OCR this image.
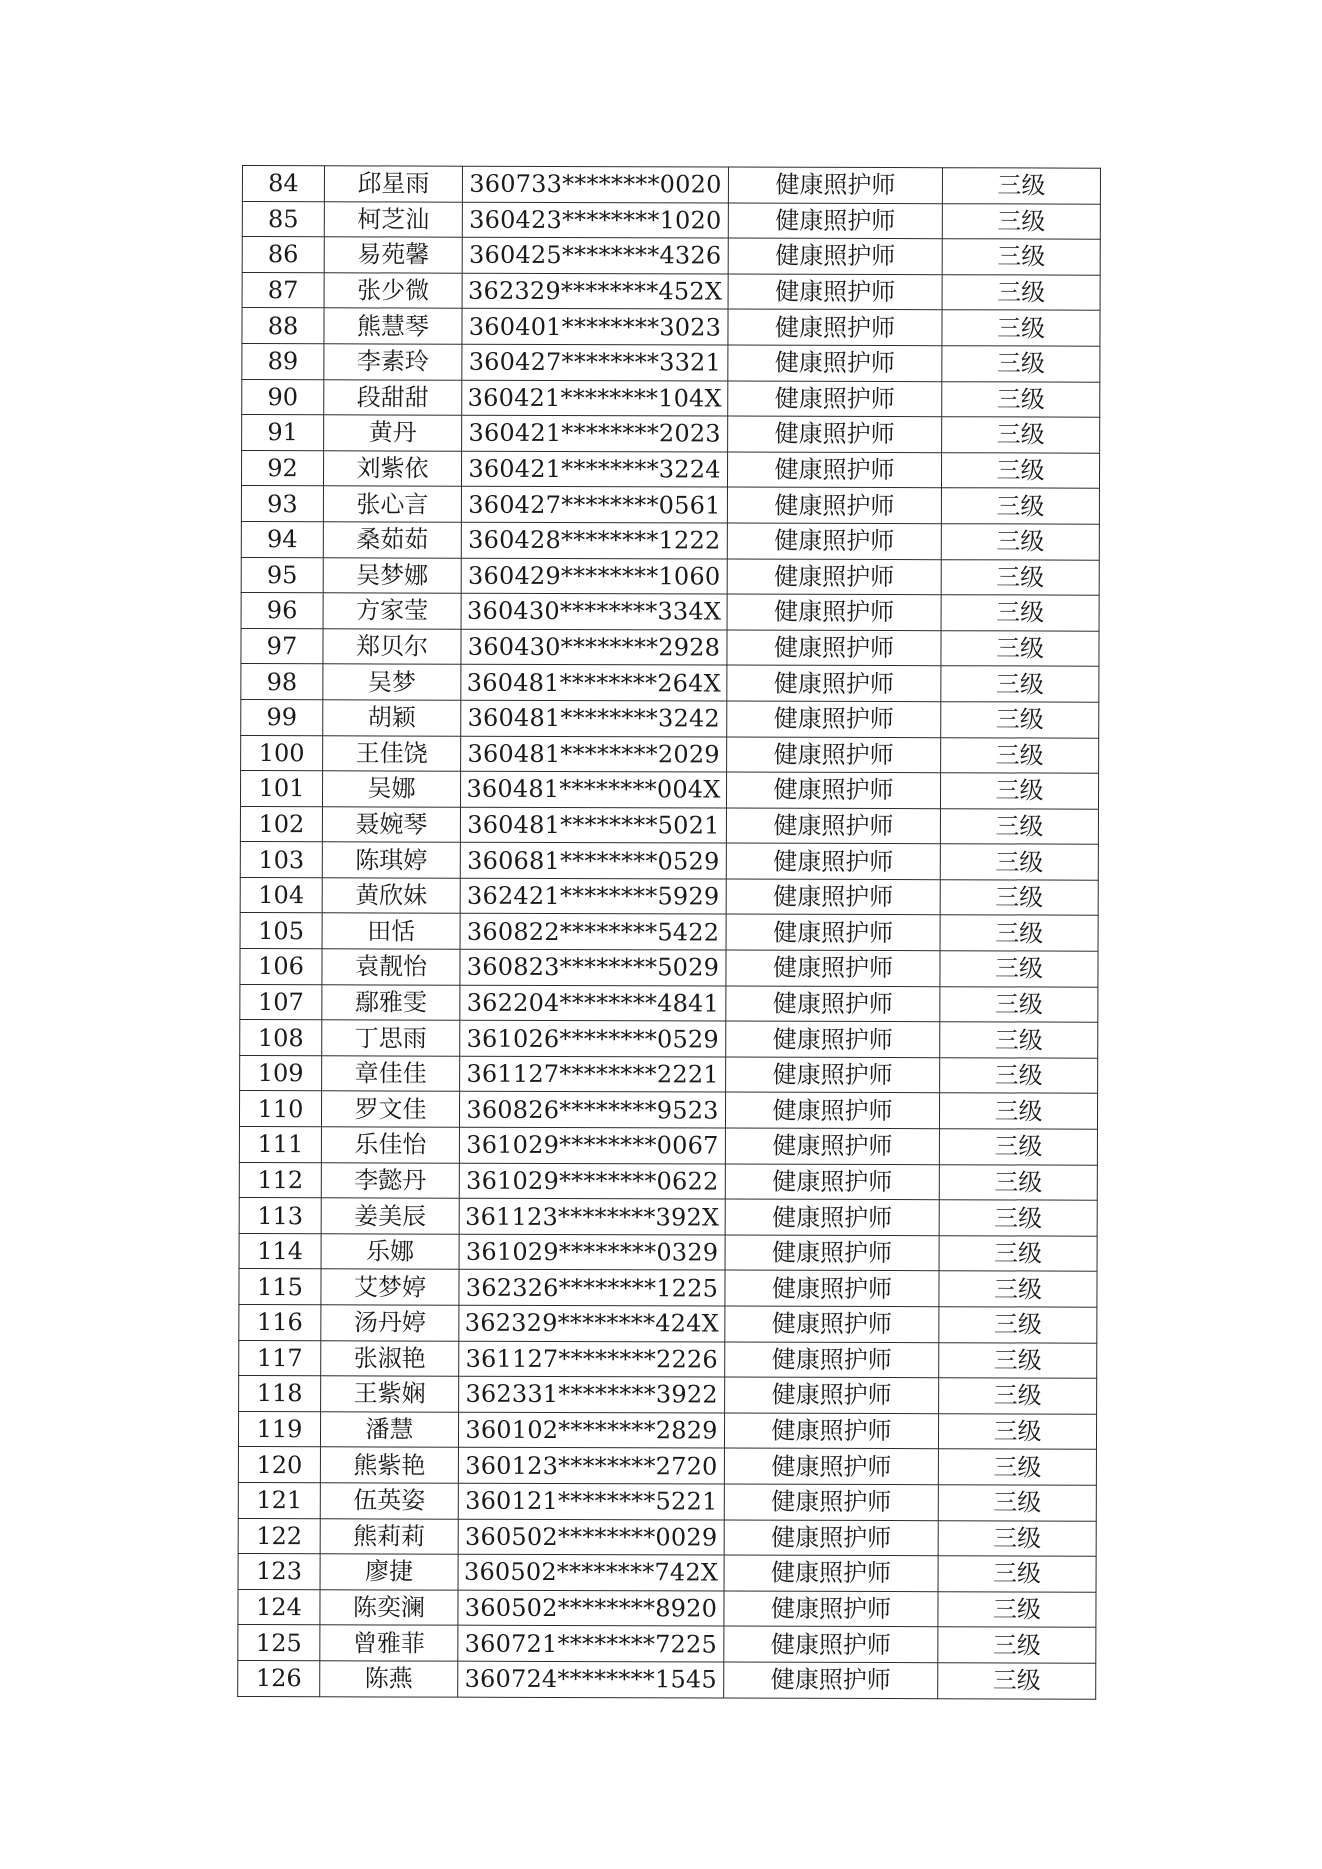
84	邱星雨	360733********0020	健康照护师	三级
85	柯芝汕	360423********1020	健康照护师	三级
86	易苑馨	360425********4326	健康照护师	三级
87	张少微	362329********452X	健康照护师	三级
88	熊慧琴	360401********3023	健康照护师	三级
89	李素玲	360427********3321	健康照护师	三级
90	段甜甜	360421********104X	健康照护师	三级
91	黄丹	360421********2023	健康照护师	三级
92	刘紫依	360421********3224	健康照护师	三级
93	张心言	360427********0561	健康照护师	三级
94	桑茹茹	360428********1222	健康照护师	三级
95	吴梦娜	360429********1060	健康照护师	三级
96	方家莹	360430********334X	健康照护师	三级
97	郑贝尔	360430********2928	健康照护师	三级
98	吴梦	360481********264X	健康照护师	三级
99	胡颖	360481********3242	健康照护师	三级
100	王佳饶	360481********2029	健康照护师	三级
101	吴娜	360481********004X	健康照护师	三级
102	聂婉琴	360481********5021	健康照护师	三级
103	陈琪婷	360681********0529	健康照护师	三级
104	黄欣妹	362421********5929	健康照护师	三级
105	田恬	360822********5422	健康照护师	三级
106	袁靓怡	360823********5029	健康照护师	三级
107	鄢雅雯	362204********4841	健康照护师	三级
108	丁思雨	361026********0529	健康照护师	三级
109	章佳佳	361127********2221	健康照护师	三级
110	罗文佳	360826********9523	健康照护师	三级
111	乐佳怡	361029********0067	健康照护师	三级
112	李懿丹	361029********0622	健康照护师	三级
113	姜美辰	361123********392X	健康照护师	三级
114	乐娜	361029********0329	健康照护师	三级
115	艾梦婷	362326********1225	健康照护师	三级
116	汤丹婷	362329********424X	健康照护师	三级
117	张淑艳	361127********2226	健康照护师	三级
118	王紫娴	362331********3922	健康照护师	三级
119	潘慧	360102********2829	健康照护师	三级
120	熊紫艳	360123********2720	健康照护师	三级
121	伍英姿	360121********5221	健康照护师	三级
122	熊莉莉	360502********0029	健康照护师	三级
123	廖捷	360502********742X	健康照护师	三级
124	陈奕澜	360502********8920	健康照护师	三级
125	曾雅菲	360721********7225	健康照护师	三级
126	陈燕	360724********1545	健康照护师	三级
